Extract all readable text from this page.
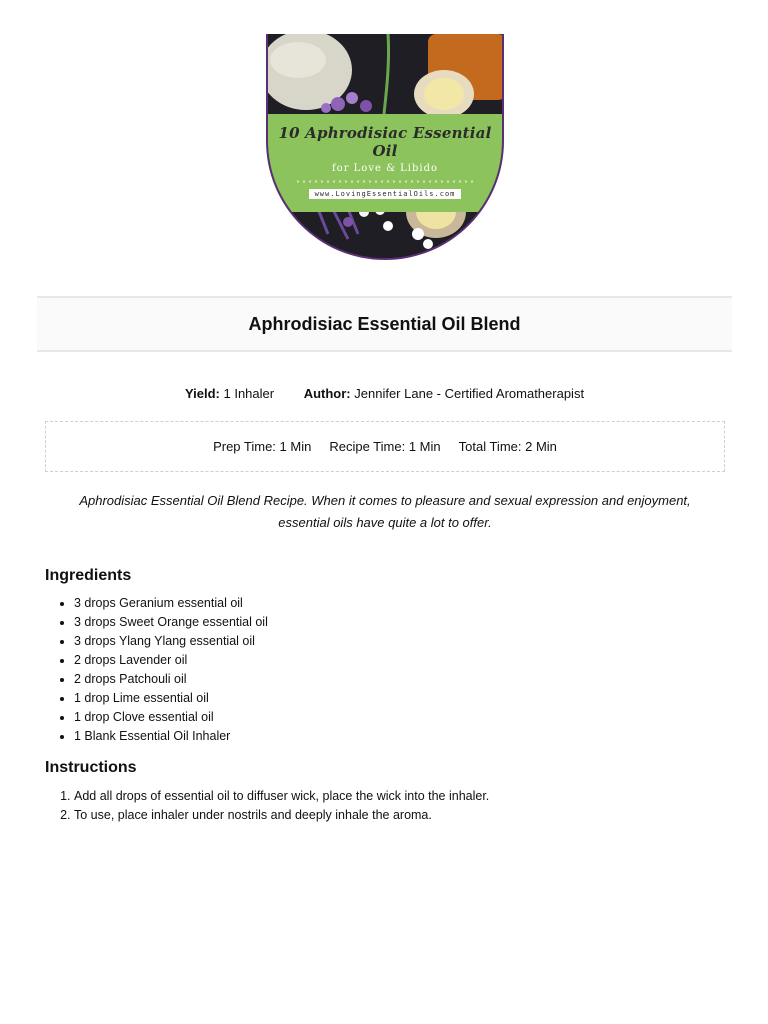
10 Aphrodisiac Essential Oil
for Love & Libido
www.LovingEssentialOils.com
Aphrodisiac Essential Oil Blend
Yield: 1 Inhaler Author: Jennifer Lane - Certified Aromatherapist
Prep Time: 1 Min Recipe Time: 1 Min Total Time: 2 Min
Aphrodisiac Essential Oil Blend Recipe. When it comes to pleasure and sexual expression and enjoyment, essential oils have quite a lot to offer.
Ingredients
• 3 drops Geranium essential oil
• 3 drops Sweet Orange essential oil
• 3 drops Ylang Ylang essential oil
• 2 drops Lavender oil
• 2 drops Patchouli oil
• 1 drop Lime essential oil
• 1 drop Clove essential oil
• 1 Blank Essential Oil Inhaler
Instructions
1. Add all drops of essential oil to diffuser wick, place the wick into the inhaler.
2. To use, place inhaler under nostrils and deeply inhale the aroma.
